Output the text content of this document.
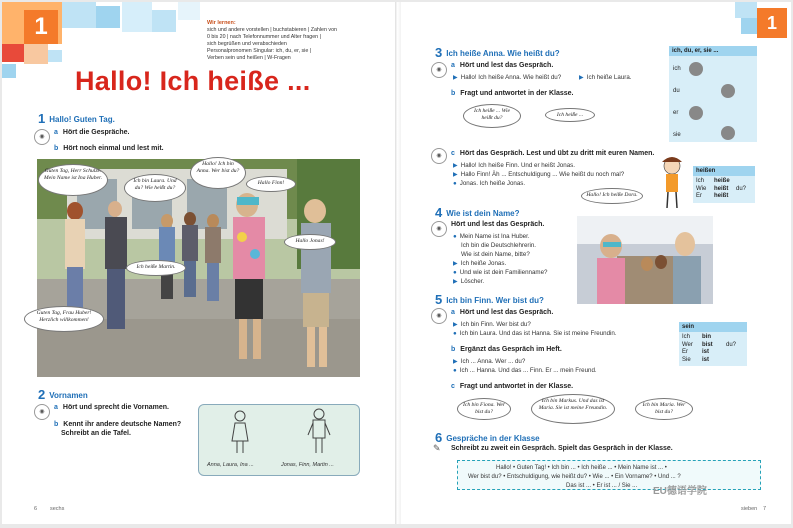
1	Wir lernen:
sich und andere vorstellen | buchstabieren | Zahlen von
0 bis 20 | nach Telefonnummer und Alter fragen |
sich begrüßen und verabschieden
Personalpronomen Singular: ich, du, er, sie |
Verben sein und heißen | W-Fragen
Hallo! Ich heiße ...
1 Hallo! Guten Tag.
◉
a Hört die Gespräche.
b Hört noch einmal und lest mit.
Guten Tag, Herr Schulze. Mein Name ist Ina Huber.
Ich bin Laura. Und du? Wie heißt du?
Hallo! Ich bin Anna. Wer bist du?
Hallo Finn!
Hallo Jonas!
Ich heiße Martin.
Guten Tag, Frau Huber! Herzlich willkommen!
2 Vornamen
◉
a Hört und sprecht die Vornamen.
b Kennt ihr andere deutsche Namen?
Schreibt an die Tafel.
Anna, Laura, Ina ...	Jonas, Finn, Martin ...
6 sechs
1
3 Ich heiße Anna. Wie heißt du?
◉
a Hört und lest das Gespräch.
▶ Hallo! Ich heiße Anna. Wie heißt du?	▶ Ich heiße Laura.
b Fragt und antwortet in der Klasse.
Ich heiße ... Wie heißt du?	Ich heiße ...
ich, du, er, sie ...
ich
du
er
sie
◉	c Hört das Gespräch. Lest und übt zu dritt mit euren Namen.
▶ Hallo! Ich heiße Finn. Und er heißt Jonas.
▶ Hallo Finn! Äh ... Entschuldigung ... Wie heißt du noch mal?
● Jonas. Ich heiße Jonas.
Hallo! Ich heiße Dora.
heißen
Ich	heiße
Wie	heißt	du?
Er	heißt
4 Wie ist dein Name?
◉
Hört und lest das Gespräch.
● Mein Name ist Ina Huber.
Ich bin die Deutschlehrerin.
Wie ist dein Name, bitte?
▶ Ich heiße Jonas.
● Und wie ist dein Familienname?
▶ Löscher.
5 Ich bin Finn. Wer bist du?
◉	a Hört und lest das Gespräch.
▶ Ich bin Finn. Wer bist du?
● Ich bin Laura. Und das ist Hanna. Sie ist meine Freundin.
b Ergänzt das Gespräch im Heft.
▶ Ich ... Anna. Wer ... du?
● Ich ... Hanna. Und das ... Finn. Er ... mein Freund.
c Fragt und antwortet in der Klasse.
Ich bin Fiona. Wer bist du?
Ich bin Markus. Und das ist Maria. Sie ist meine Freundin.	Ich bin Maria. Wer bist du?
sein
Ich	bin
Wer	bist	du?
Er	ist
Sie	ist
6 Gespräche in der Klasse
✎ Schreibt zu zweit ein Gespräch. Spielt das Gespräch in der Klasse.
Hallo! • Guten Tag! • Ich bin ... • Ich heiße ... • Mein Name ist ... •
Wer bist du? • Entschuldigung, wie heißt du? • Wie ... • Ein Vorname? • Und ... ?
Das ist ... • Er ist ... / Sie ... EU德语学院
sieben 7
